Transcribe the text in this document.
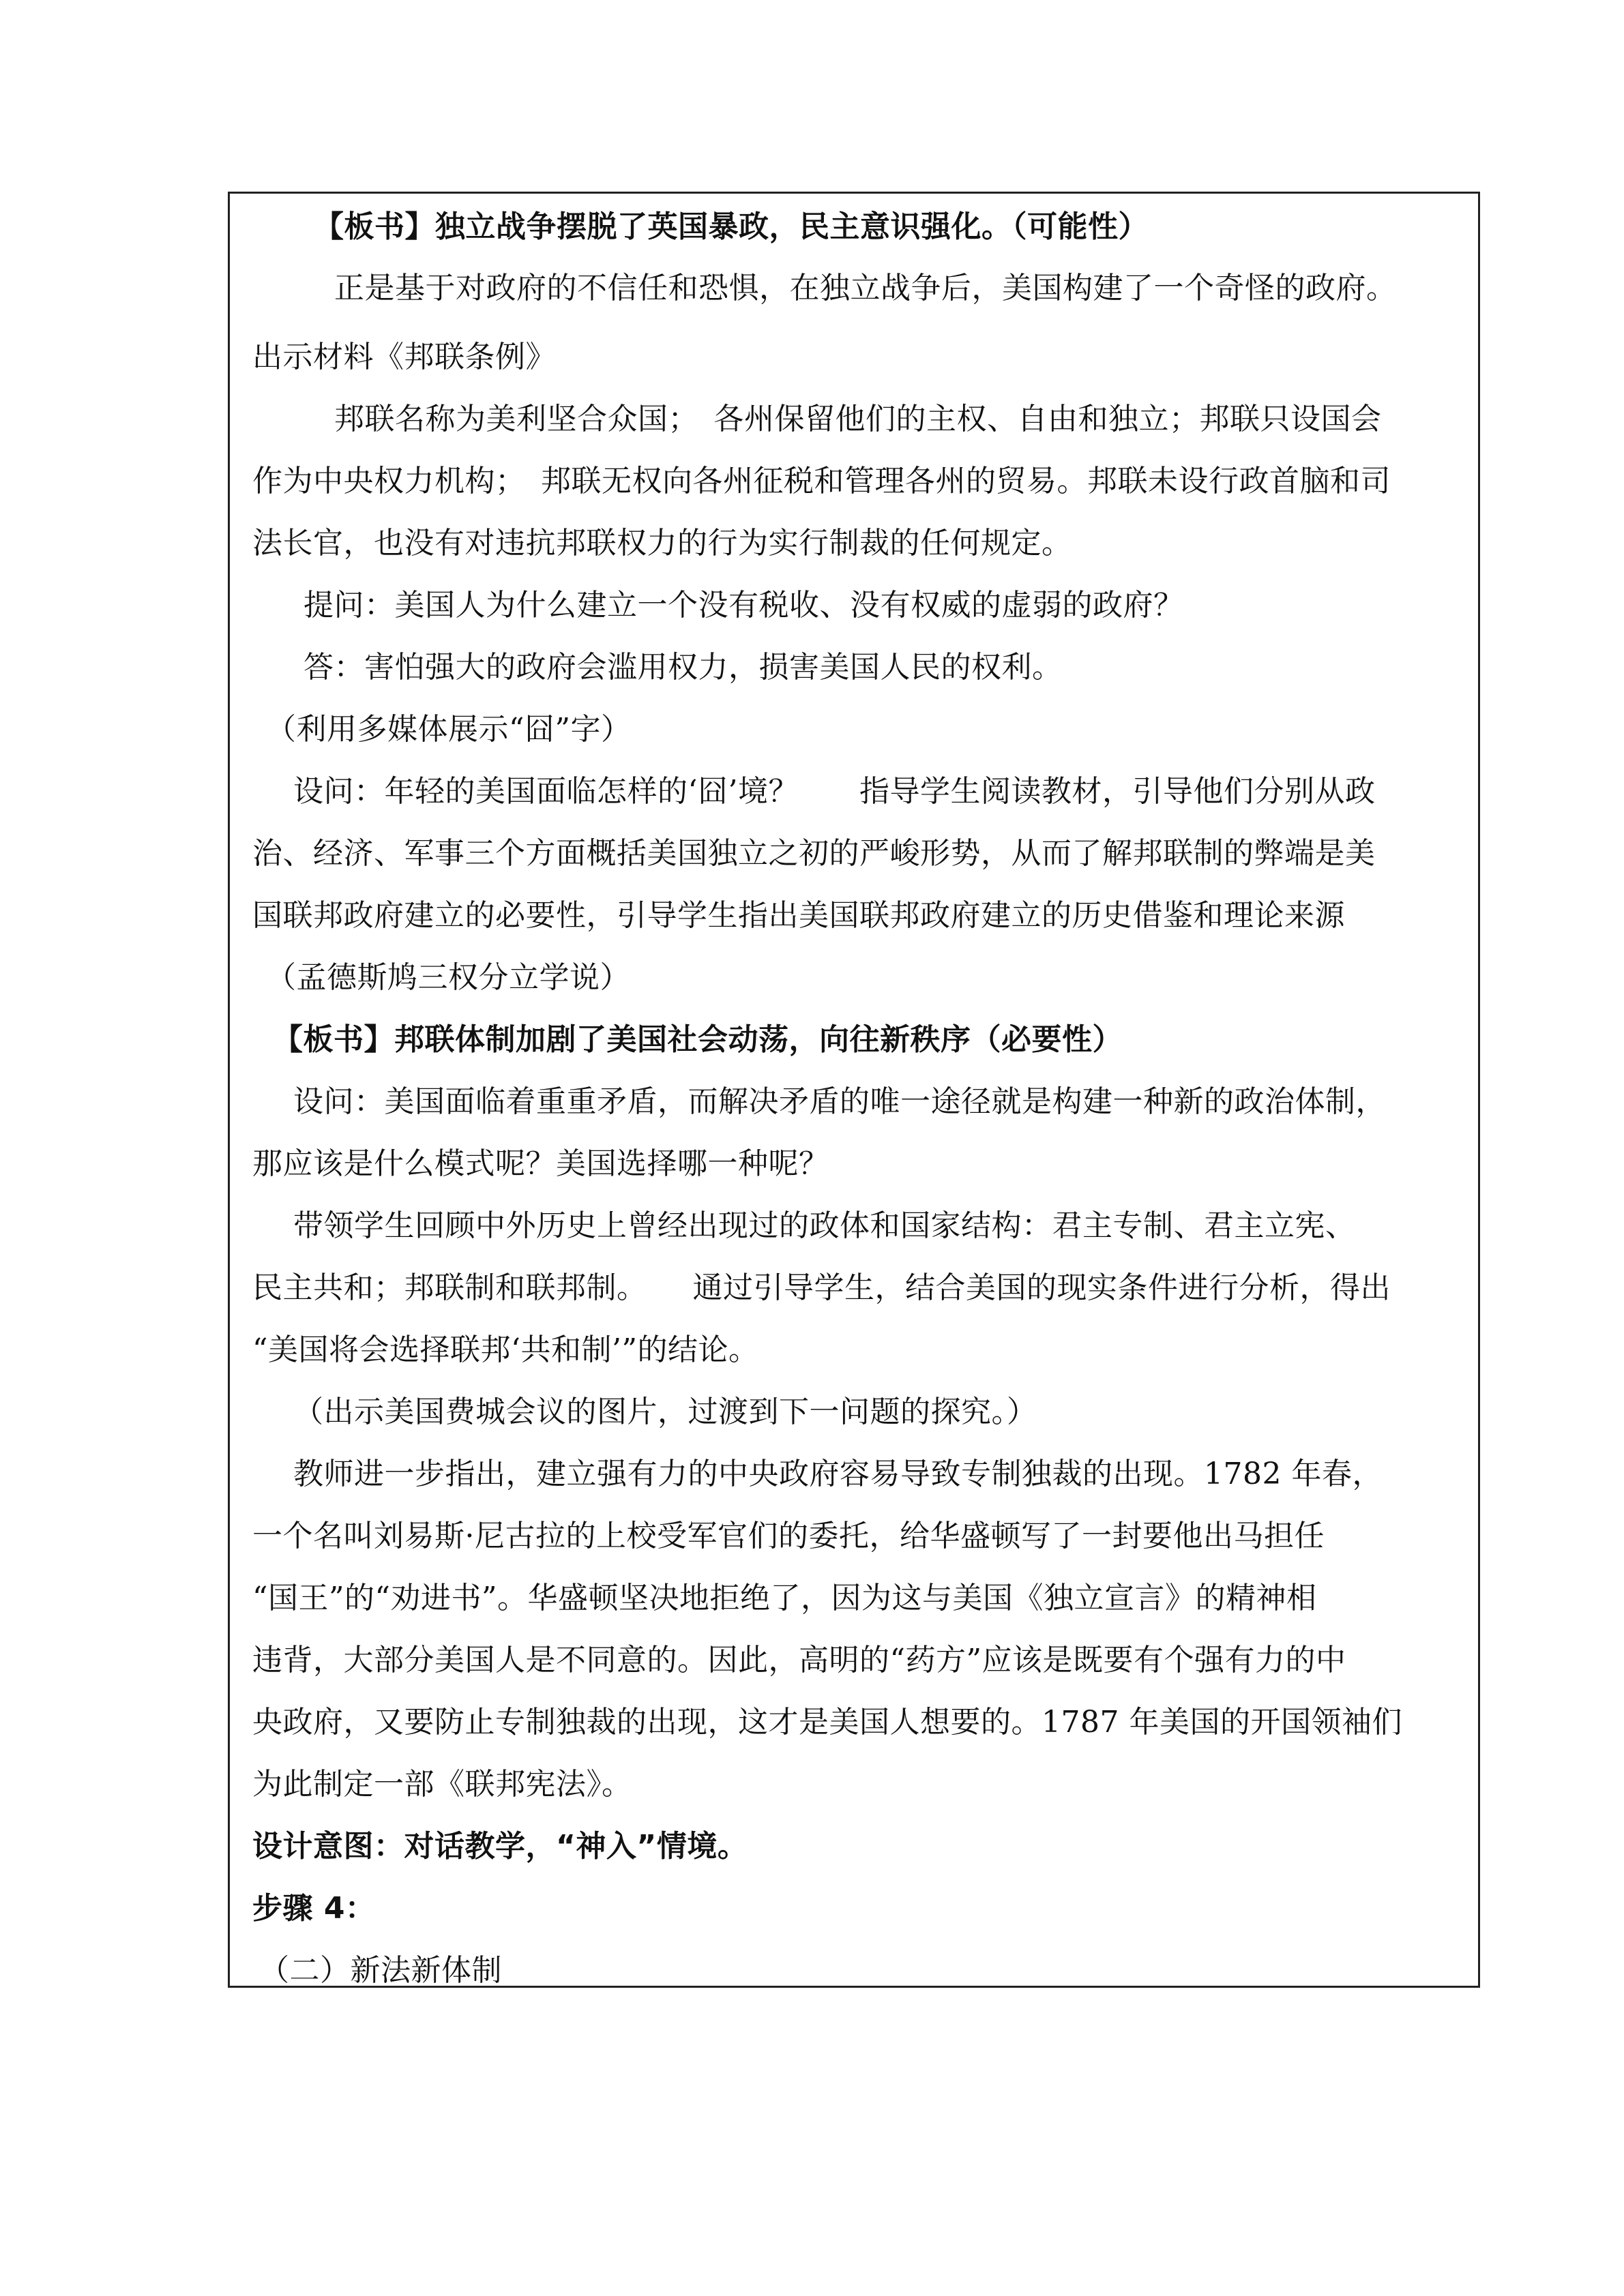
【板书】独立战争摆脱了英国暴政，民主意识强化。（可能性）

正是基于对政府的不信任和恐惧，在独立战争后，美国构建了一个奇怪的政府。

出示材料《邦联条例》

邦联名称为美利坚合众国；　各州保留他们的主权、自由和独立；邦联只设国会

作为中央权力机构；　邦联无权向各州征税和管理各州的贸易。邦联未设行政首脑和司

法长官，也没有对违抗邦联权力的行为实行制裁的任何规定。

提问：美国人为什么建立一个没有税收、没有权威的虚弱的政府？

答：害怕强大的政府会滥用权力，损害美国人民的权利。

（利用多媒体展示“囧”字）

设问：年轻的美国面临怎样的‘囧’境？　　指导学生阅读教材，引导他们分别从政

治、经济、军事三个方面概括美国独立之初的严峻形势，从而了解邦联制的弊端是美

国联邦政府建立的必要性，引导学生指出美国联邦政府建立的历史借鉴和理论来源

（孟德斯鸠三权分立学说）

【板书】邦联体制加剧了美国社会动荡，向往新秩序（必要性）

设问：美国面临着重重矛盾，而解决矛盾的唯一途径就是构建一种新的政治体制，

那应该是什么模式呢？美国选择哪一种呢？

带领学生回顾中外历史上曾经出现过的政体和国家结构：君主专制、君主立宪、

民主共和；邦联制和联邦制。　　通过引导学生，结合美国的现实条件进行分析，得出

“美国将会选择联邦‘共和制’”的结论。

（出示美国费城会议的图片，过渡到下一问题的探究。）

教师进一步指出，建立强有力的中央政府容易导致专制独裁的出现。1782 年春，

一个名叫刘易斯·尼古拉的上校受军官们的委托，给华盛顿写了一封要他出马担任

“国王”的“劝进书”。华盛顿坚决地拒绝了，因为这与美国《独立宣言》的精神相

违背，大部分美国人是不同意的。因此，高明的“药方”应该是既要有个强有力的中

央政府，又要防止专制独裁的出现，这才是美国人想要的。1787 年美国的开国领袖们

为此制定一部《联邦宪法》。

设计意图：对话教学，“神入”情境。

步骤 4：

（二）新法新体制
